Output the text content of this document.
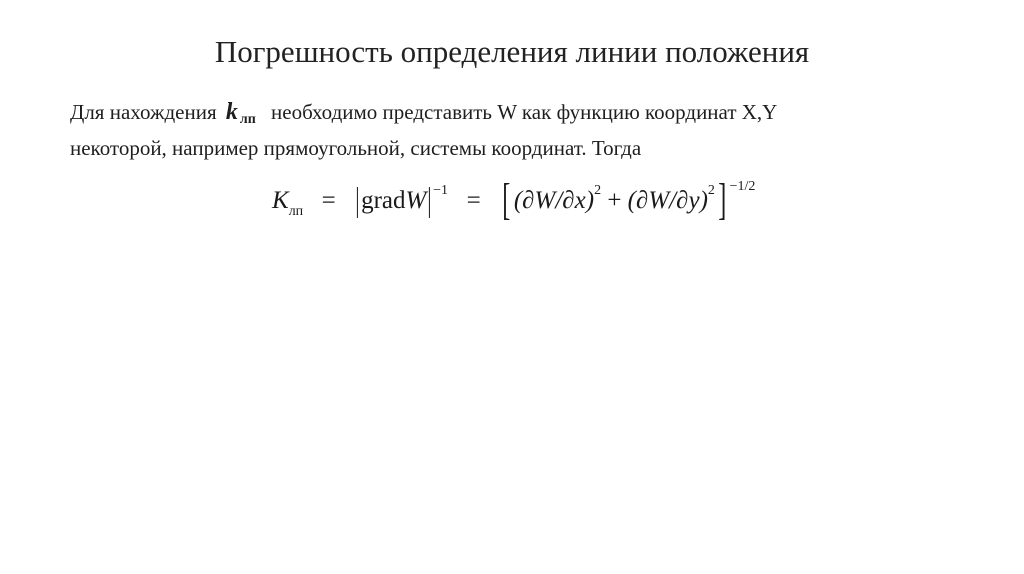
Погрешность определения линии положения
Для нахождения k лп необходимо представить W как функцию координат X,Y
некоторой, например прямоугольной, системы координат. Тогда
$K_{лп}$ = $|gradW|^{-1}$ = [ $(\partial W/\partial x)^2 + (\partial W/\partial y)^2$] $^{-1/2}$
